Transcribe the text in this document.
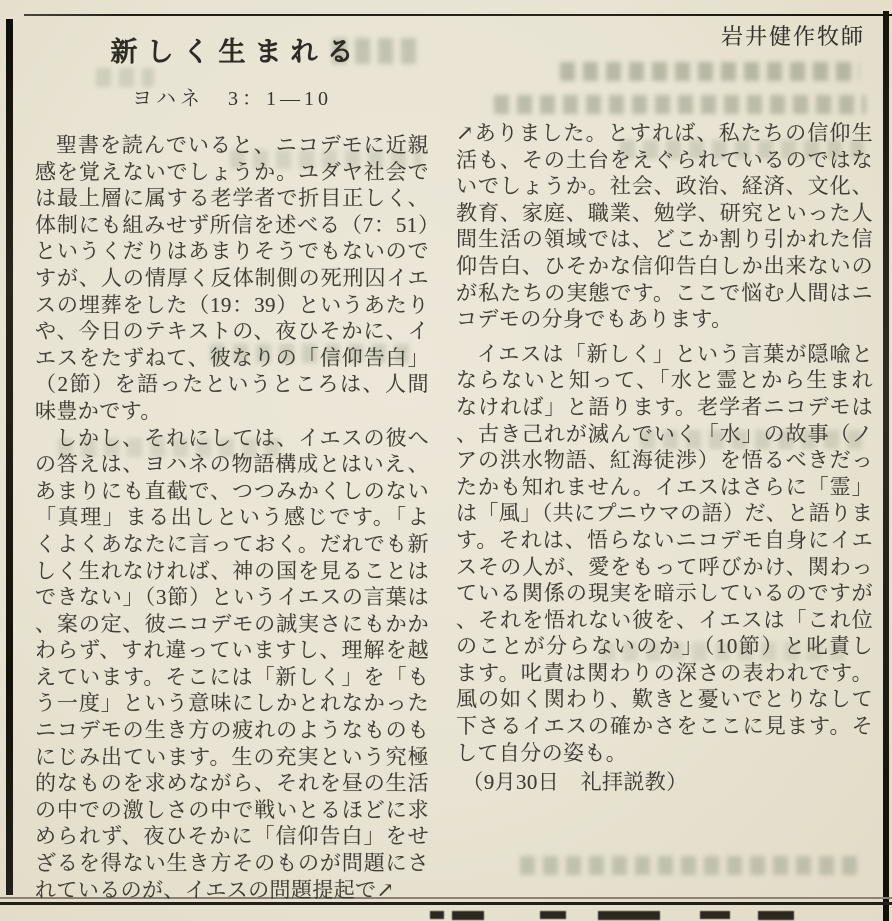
新しく生まれる
ヨハネ　3：1—10

聖書を読んでいると、ニコデモに近親感を覚えないでしょうか。ユダヤ社会では最上層に属する老学者で折目正しく、体制にも組みせず所信を述べる（7：51）というくだりはあまりそうでもないのですが、人の情厚く反体制側の死刑囚イエスの埋葬をした（19：39）というあたりや、今日のテキストの、夜ひそかに、イエスをたずねて、彼なりの「信仰告白」（2節）を語ったというところは、人間味豊かです。

しかし、それにしては、イエスの彼への答えは、ヨハネの物語構成とはいえ、あまりにも直截で、つつみかくしのない「真理」まる出しという感じです。「よくよくあなたに言っておく。だれでも新しく生れなければ、神の国を見ることはできない」（3節）というイエスの言葉は、案の定、彼ニコデモの誠実さにもかかわらず、すれ違っていますし、理解を越えています。そこには「新しく」を「もう一度」という意味にしかとれなかったニコデモの生き方の疲れのようなものもにじみ出ています。生の充実という究極的なものを求めながら、それを昼の生活の中での激しさの中で戦いとるほどに求められず、夜ひそかに「信仰告白」をせざるを得ない生き方そのものが問題にされているのが、イエスの問題提起で↗

岩井健作牧師

↗ありました。とすれば、私たちの信仰生活も、その土台をえぐられているのではないでしょうか。社会、政治、経済、文化、教育、家庭、職業、勉学、研究といった人間生活の領域では、どこか割り引かれた信仰告白、ひそかな信仰告白しか出来ないのが私たちの実態です。ここで悩む人間はニコデモの分身でもあります。

イエスは「新しく」という言葉が隠喩とならないと知って、「水と霊とから生まれなければ」と語ります。老学者ニコデモは、古き己れが滅んでいく「水」の故事（ノアの洪水物語、紅海徒渉）を悟るべきだったかも知れません。イエスはさらに「霊」は「風」（共にプニウマの語）だ、と語ります。それは、悟らないニコデモ自身にイエスその人が、愛をもって呼びかけ、関わっている関係の現実を暗示しているのですが、それを悟れない彼を、イエスは「これ位のことが分らないのか」（10節）と叱責します。叱責は関わりの深さの表われです。風の如く関わり、歎きと憂いでとりなして下さるイエスの確かさをここに見ます。そして自分の姿も。

（9月30日　礼拝説教）
